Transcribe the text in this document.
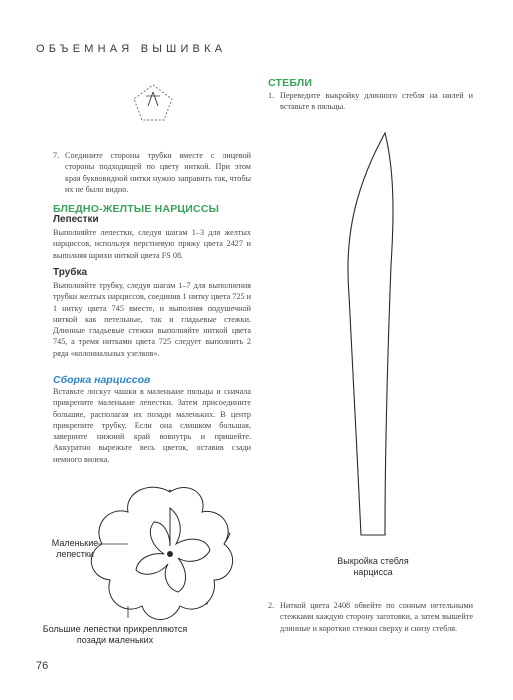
ОБЪЕМНАЯ ВЫШИВКА
7. Соедините стороны трубки вместе с лицевой стороны подходящей по цвету ниткой. При этом края буквовидной нитки нужно заправить так, чтобы их не было видно.

БЛЕДНО-ЖЕЛТЫЕ НАРЦИССЫ
Лепестки

Выполняйте лепестки, следуя шагам 1–3 для желтых нарциссов, используя перстневую пряжу цвета 2427 и выполняя шрихи ниткой цвета FS 08.

Трубка

Выполняйте трубку, следуя шагам 1–7 для выполнения трубки желтых нарциссов, соединив 1 нитку цвета 725 и 1 нитку цвета 745 вместе, и выполняя подушечной ниткой как петельные, так и гладьевые стежки. Длинные гладьевые стежки выполняйте ниткой цвета 745, а тремя нитками цвета 725 следует выполнить 2 ряда «колониальных узелков».

Сборка нарциссов

Вставьте лоскут чашки в маленькие пяльцы и сначала прикрепите маленькие лепестки. Затем присоедините большие, располагая их позади маленьких. В центр прикрепите трубку. Если она слишком большая, заверните нижний край вовнутрь и пришейте. Аккуратно вырежьте весь цветок, оставив сзади немного вилека.

Маленькие лепестки

Большие лепестки прикрепляются позади маленьких

СТЕБЛИ
1. Переведите выкройку длинного стебля на нилей и вставьте в пяльцы.

Выкройка стебля нарцисса

2. Ниткой цвета 2408 обвейте по сонным нетельными стежками каждую сторону заготовки, а затем вышейте длинные и короткие стежки сверху и снизу стебля.

76
